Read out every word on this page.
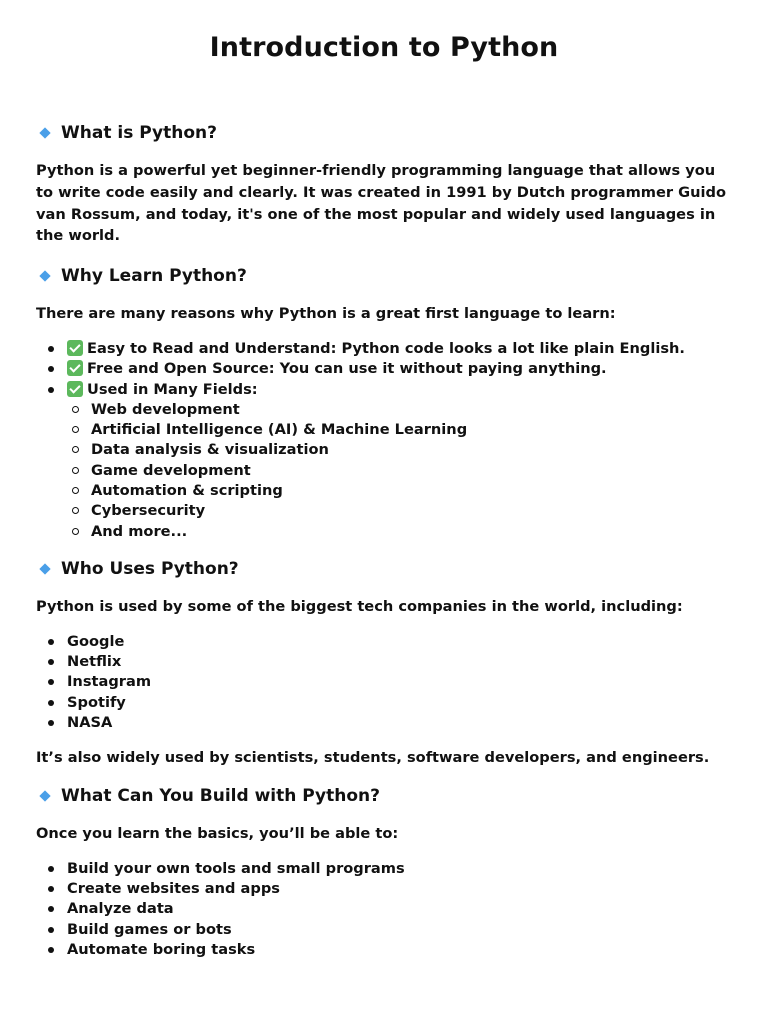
Introduction to Python
What is Python?

Python is a powerful yet beginner-friendly programming language that allows you to write code easily and clearly. It was created in 1991 by Dutch programmer Guido van Rossum, and today, it's one of the most popular and widely used languages in the world.

Why Learn Python?

There are many reasons why Python is a great first language to learn:

Easy to Read and Understand: Python code looks a lot like plain English.
Free and Open Source: You can use it without paying anything.
Used in Many Fields:
Web development
Artificial Intelligence (AI) & Machine Learning
Data analysis & visualization
Game development
Automation & scripting
Cybersecurity
And more...
Who Uses Python?

Python is used by some of the biggest tech companies in the world, including:

Google
Netflix
Instagram
Spotify
NASA

It’s also widely used by scientists, students, software developers, and engineers.

What Can You Build with Python?

Once you learn the basics, you’ll be able to:

Build your own tools and small programs
Create websites and apps
Analyze data
Build games or bots
Automate boring tasks
